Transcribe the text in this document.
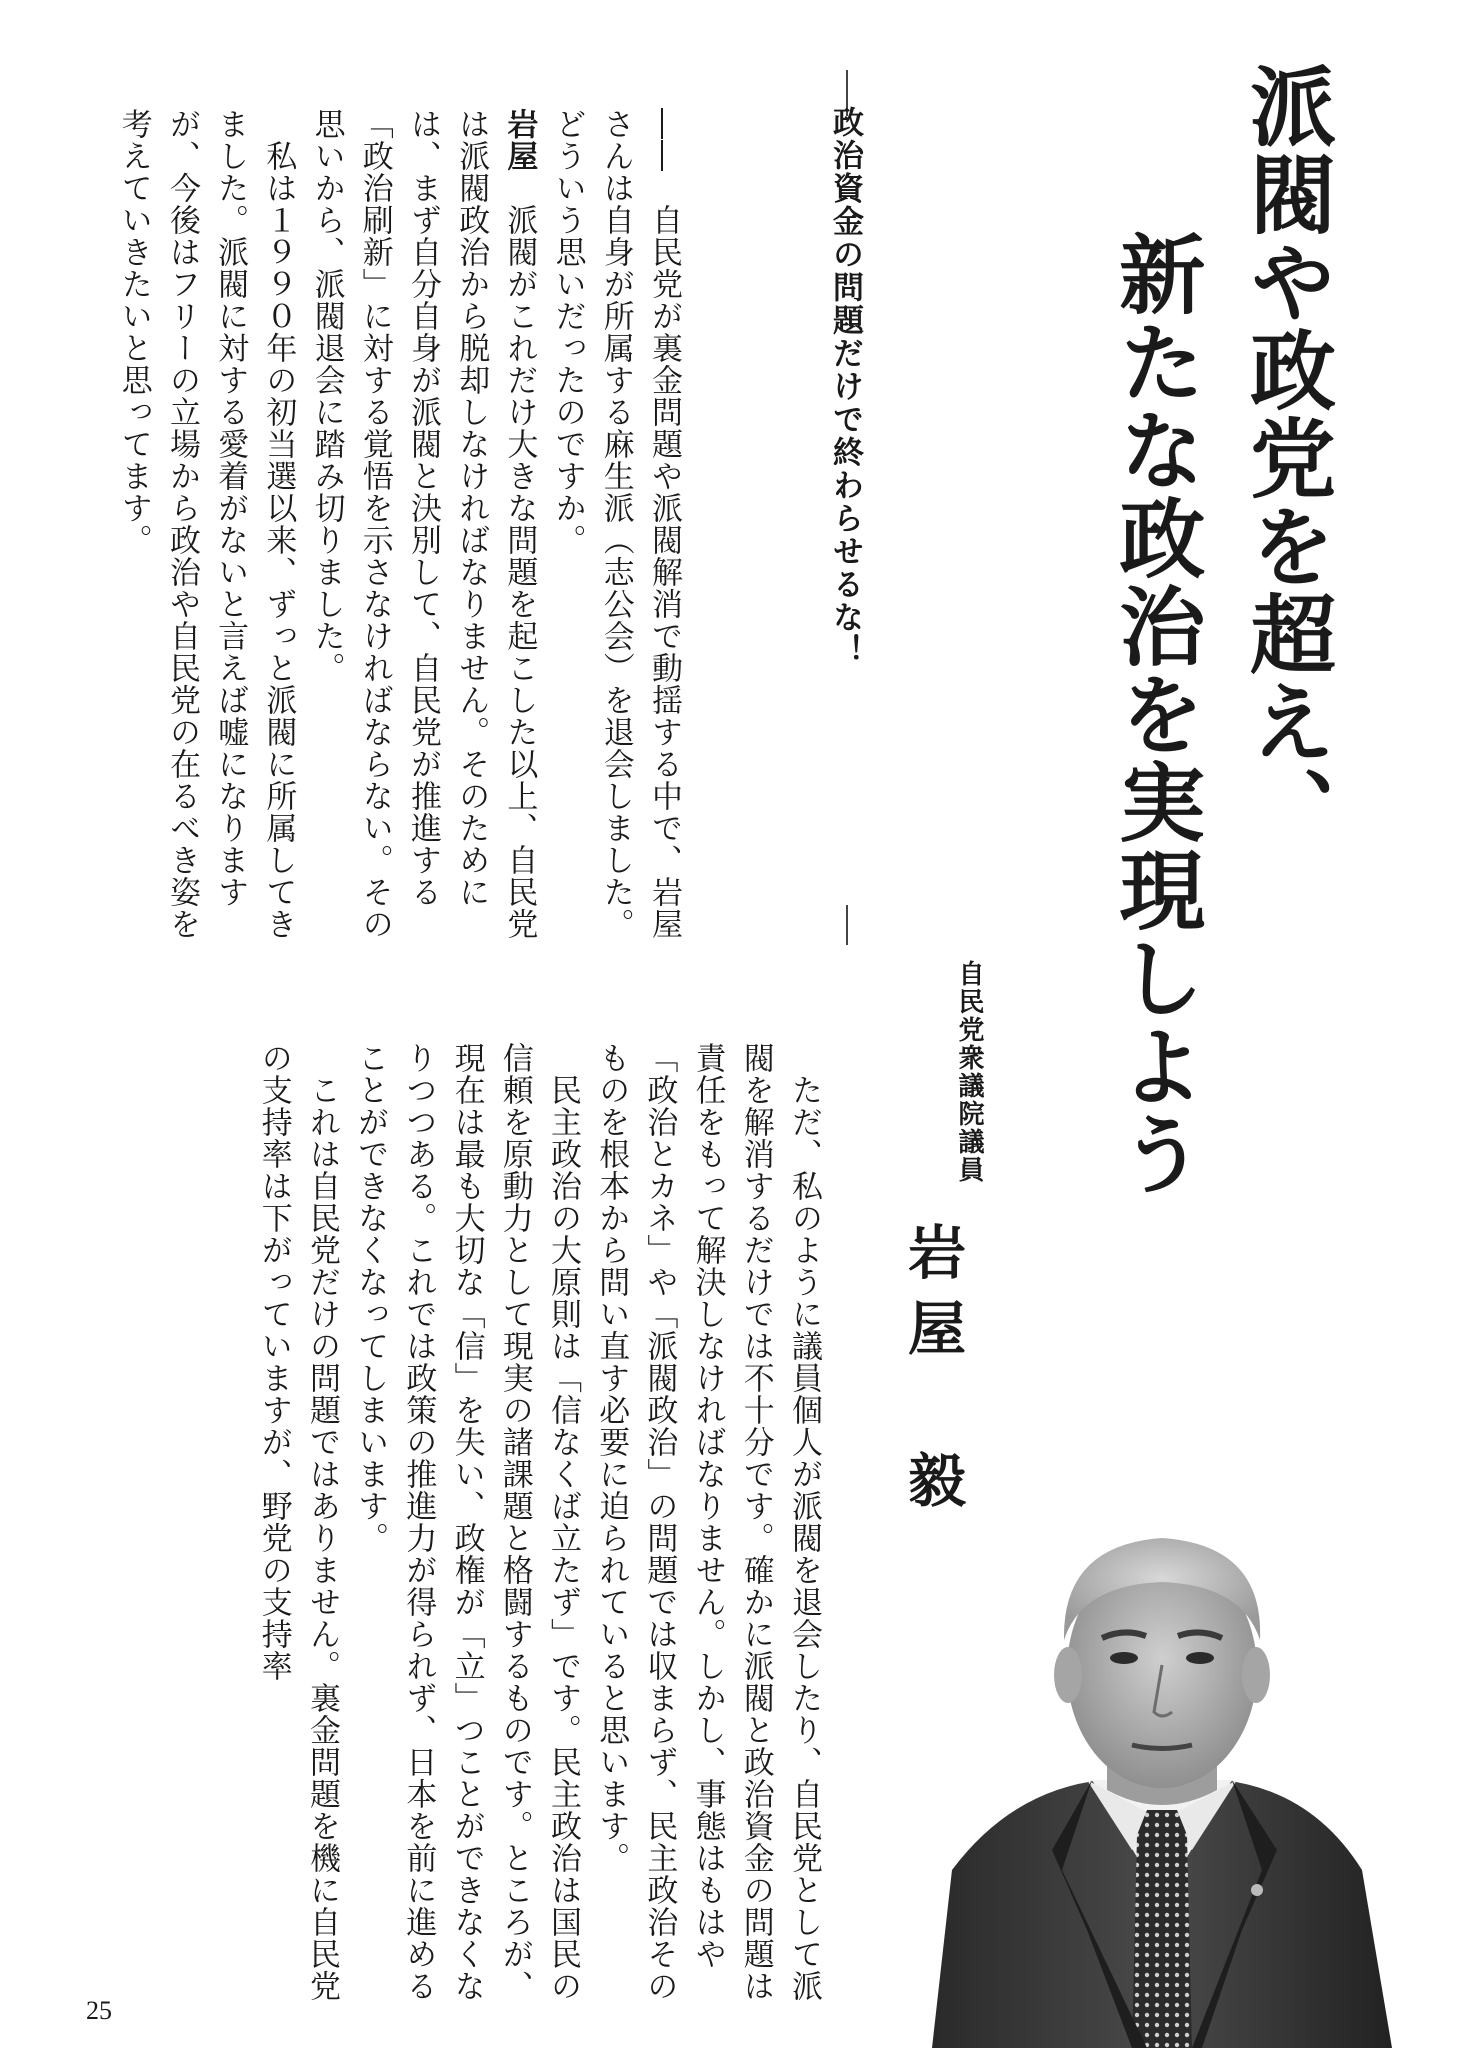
派閥や政党を超え、
新たな政治を実現しよう
自民党衆議院議員
岩屋　毅
政治資金の問題だけで終わらせるな！

――　自民党が裏金問題や派閥解消で動揺する中で、岩屋さんは自身が所属する麻生派（志公会）を退会しました。どういう思いだったのですか。

岩屋　派閥がこれだけ大きな問題を起こした以上、自民党は派閥政治から脱却しなければなりません。そのためには、まず自分自身が派閥と決別して、自民党が推進する「政治刷新」に対する覚悟を示さなければならない。その思いから、派閥退会に踏み切りました。

　私は１９９０年の初当選以来、ずっと派閥に所属してきました。派閥に対する愛着がないと言えば嘘になりますが、今後はフリーの立場から政治や自民党の在るべき姿を考えていきたいと思ってます。

　ただ、私のように議員個人が派閥を退会したり、自民党として派閥を解消するだけでは不十分です。確かに派閥と政治資金の問題は責任をもって解決しなければなりません。しかし、事態はもはや「政治とカネ」や「派閥政治」の問題では収まらず、民主政治そのものを根本から問い直す必要に迫られていると思います。

　民主政治の大原則は「信なくば立たず」です。民主政治は国民の信頼を原動力として現実の諸課題と格闘するものです。ところが、現在は最も大切な「信」を失い、政権が「立」つことができなくなりつつある。これでは政策の推進力が得られず、日本を前に進めることができなくなってしまいます。

　これは自民党だけの問題ではありません。裏金問題を機に自民党の支持率は下がっていますが、野党の支持率

25
